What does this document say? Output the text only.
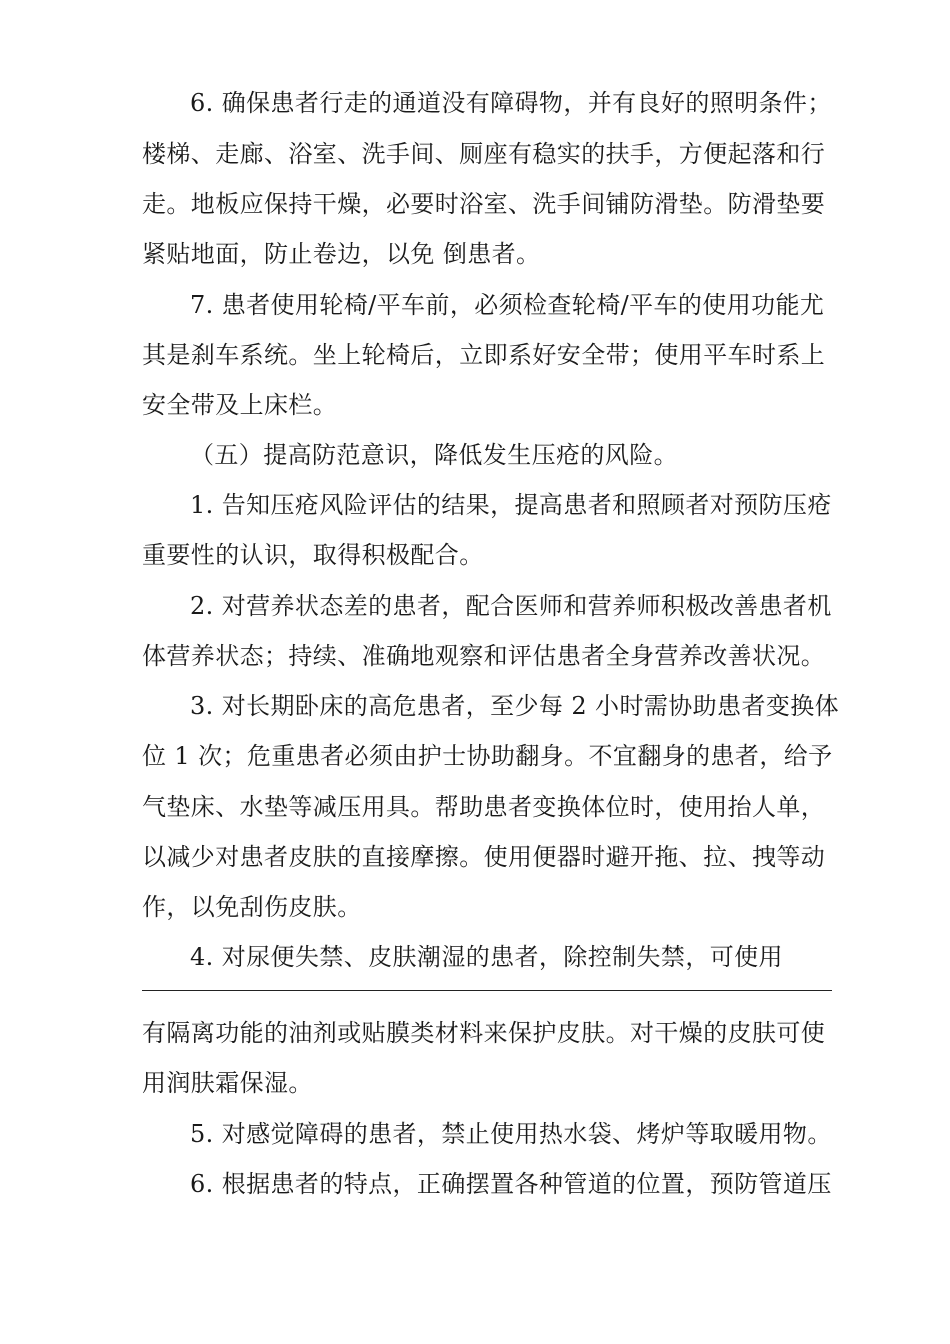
6. 确保患者行走的通道没有障碍物，并有良好的照明条件；
楼梯、走廊、浴室、洗手间、厕座有稳实的扶手，方便起落和行
走。地板应保持干燥，必要时浴室、洗手间铺防滑垫。防滑垫要
紧贴地面，防止卷边，以免 倒患者。
7. 患者使用轮椅/平车前，必须检查轮椅/平车的使用功能尤
其是刹车系统。坐上轮椅后，立即系好安全带；使用平车时系上
安全带及上床栏。
（五）提高防范意识，降低发生压疮的风险。
1. 告知压疮风险评估的结果，提高患者和照顾者对预防压疮
重要性的认识，取得积极配合。
2. 对营养状态差的患者，配合医师和营养师积极改善患者机
体营养状态；持续、准确地观察和评估患者全身营养改善状况。
3. 对长期卧床的高危患者，至少每 2 小时需协助患者变换体
位 1 次；危重患者必须由护士协助翻身。不宜翻身的患者，给予
气垫床、水垫等减压用具。帮助患者变换体位时，使用抬人单，
以减少对患者皮肤的直接摩擦。使用便器时避开拖、拉、拽等动
作，以免刮伤皮肤。
4. 对尿便失禁、皮肤潮湿的患者，除控制失禁，可使用
有隔离功能的油剂或贴膜类材料来保护皮肤。对干燥的皮肤可使
用润肤霜保湿。
5. 对感觉障碍的患者，禁止使用热水袋、烤炉等取暖用物。
6. 根据患者的特点，正确摆置各种管道的位置，预防管道压
